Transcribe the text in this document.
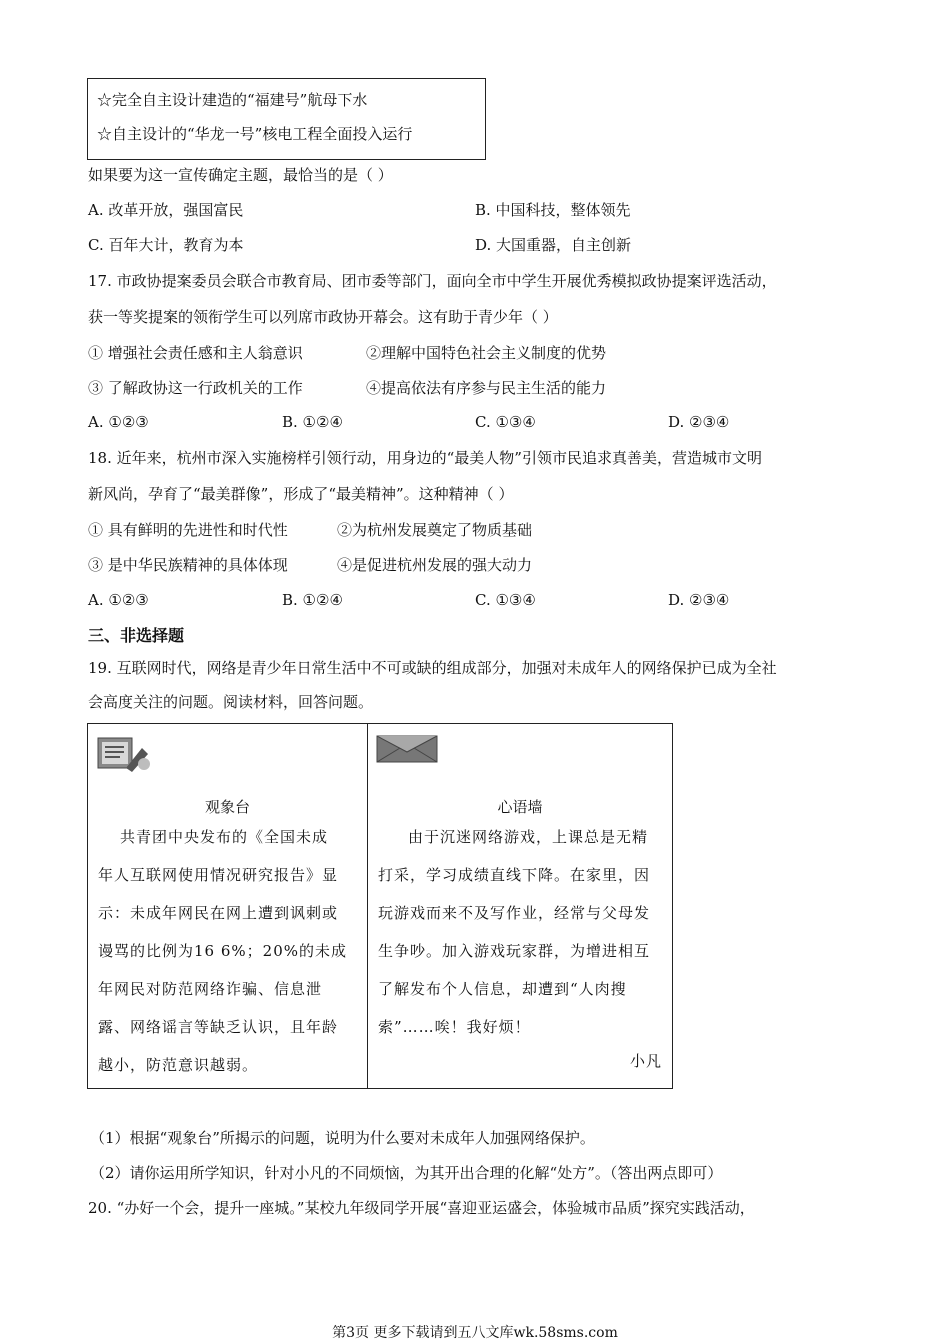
☆完全自主设计建造的“福建号”航母下水
☆自主设计的“华龙一号”核电工程全面投入运行
如果要为这一宣传确定主题，最恰当的是（ ）
A. 改革开放，强国富民	B. 中国科技，整体领先
C. 百年大计，教育为本	D. 大国重器，自主创新
17. 市政协提案委员会联合市教育局、团市委等部门，面向全市中学生开展优秀模拟政协提案评选活动，
获一等奖提案的领衔学生可以列席市政协开幕会。这有助于青少年（ ）
① 增强社会责任感和主人翁意识	②理解中国特色社会主义制度的优势
③ 了解政协这一行政机关的工作	④提高依法有序参与民主生活的能力
A. ①②③	B. ①②④	C. ①③④	D. ②③④
18. 近年来，杭州市深入实施榜样引领行动，用身边的“最美人物”引领市民追求真善美，营造城市文明
新风尚，孕育了“最美群像”，形成了“最美精神”。这种精神（ ）
① 具有鲜明的先进性和时代性	②为杭州发展奠定了物质基础
③ 是中华民族精神的具体体现	④是促进杭州发展的强大动力
A. ①②③	B. ①②④	C. ①③④	D. ②③④
三、非选择题
19. 互联网时代，网络是青少年日常生活中不可或缺的组成部分，加强对未成年人的网络保护已成为全社
会高度关注的问题。阅读材料，回答问题。
观象台
共青团中央发布的《全国未成
年人互联网使用情况研究报告》显
示：未成年网民在网上遭到讽刺或
谩骂的比例为16 6%；20%的未成
年网民对防范网络诈骗、信息泄
露、网络谣言等缺乏认识，且年龄
越小，防范意识越弱。
心语墙
由于沉迷网络游戏，上课总是无精
打采，学习成绩直线下降。在家里，因
玩游戏而来不及写作业，经常与父母发
生争吵。加入游戏玩家群，为增进相互
了解发布个人信息，却遭到“人肉搜
索”……唉！我好烦！
小凡
（1）根据“观象台”所揭示的问题，说明为什么要对未成年人加强网络保护。
（2）请你运用所学知识，针对小凡的不同烦恼，为其开出合理的化解“处方”。（答出两点即可）
20. “办好一个会，提升一座城。”某校九年级同学开展“喜迎亚运盛会，体验城市品质”探究实践活动，
第3页 更多下载请到五八文库wk.58sms.com
